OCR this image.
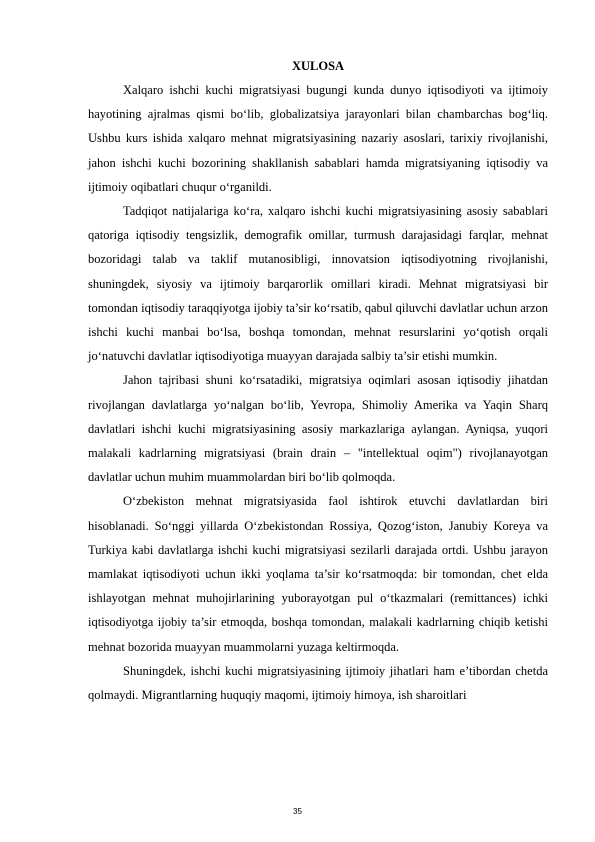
XULOSA

Xalqaro ishchi kuchi migratsiyasi bugungi kunda dunyo iqtisodiyoti va ijtimoiy hayotining ajralmas qismi bo‘lib, globalizatsiya jarayonlari bilan chambarchas bog‘liq. Ushbu kurs ishida xalqaro mehnat migratsiyasining nazariy asoslari, tarixiy rivojlanishi, jahon ishchi kuchi bozorining shakllanish sabablari hamda migratsiyaning iqtisodiy va ijtimoiy oqibatlari chuqur o‘rganildi.

Tadqiqot natijalariga ko‘ra, xalqaro ishchi kuchi migratsiyasining asosiy sabablari qatoriga iqtisodiy tengsizlik, demografik omillar, turmush darajasidagi farqlar, mehnat bozoridagi talab va taklif mutanosibligi, innovatsion iqtisodiyotning rivojlanishi, shuningdek, siyosiy va ijtimoiy barqarorlik omillari kiradi. Mehnat migratsiyasi bir tomondan iqtisodiy taraqqiyotga ijobiy ta’sir ko‘rsatib, qabul qiluvchi davlatlar uchun arzon ishchi kuchi manbai bo‘lsa, boshqa tomondan, mehnat resurslarini yo‘qotish orqali jo‘natuvchi davlatlar iqtisodiyotiga muayyan darajada salbiy ta’sir etishi mumkin.

Jahon tajribasi shuni ko‘rsatadiki, migratsiya oqimlari asosan iqtisodiy jihatdan rivojlangan davlatlarga yo‘nalgan bo‘lib, Yevropa, Shimoliy Amerika va Yaqin Sharq davlatlari ishchi kuchi migratsiyasining asosiy markazlariga aylangan. Ayniqsa, yuqori malakali kadrlarning migratsiyasi (brain drain – "intellektual oqim") rivojlanayotgan davlatlar uchun muhim muammolardan biri bo‘lib qolmoqda.

O‘zbekiston mehnat migratsiyasida faol ishtirok etuvchi davlatlardan biri hisoblanadi. So‘nggi yillarda O‘zbekistondan Rossiya, Qozog‘iston, Janubiy Koreya va Turkiya kabi davlatlarga ishchi kuchi migratsiyasi sezilarli darajada ortdi. Ushbu jarayon mamlakat iqtisodiyoti uchun ikki yoqlama ta’sir ko‘rsatmoqda: bir tomondan, chet elda ishlayotgan mehnat muhojirlarining yuborayotgan pul o‘tkazmalari (remittances) ichki iqtisodiyotga ijobiy ta’sir etmoqda, boshqa tomondan, malakali kadrlarning chiqib ketishi mehnat bozorida muayyan muammolarni yuzaga keltirmoqda.

Shuningdek, ishchi kuchi migratsiyasining ijtimoiy jihatlari ham e’tibordan chetda qolmaydi. Migrantlarning huquqiy maqomi, ijtimoiy himoya, ish sharoitlari

35
